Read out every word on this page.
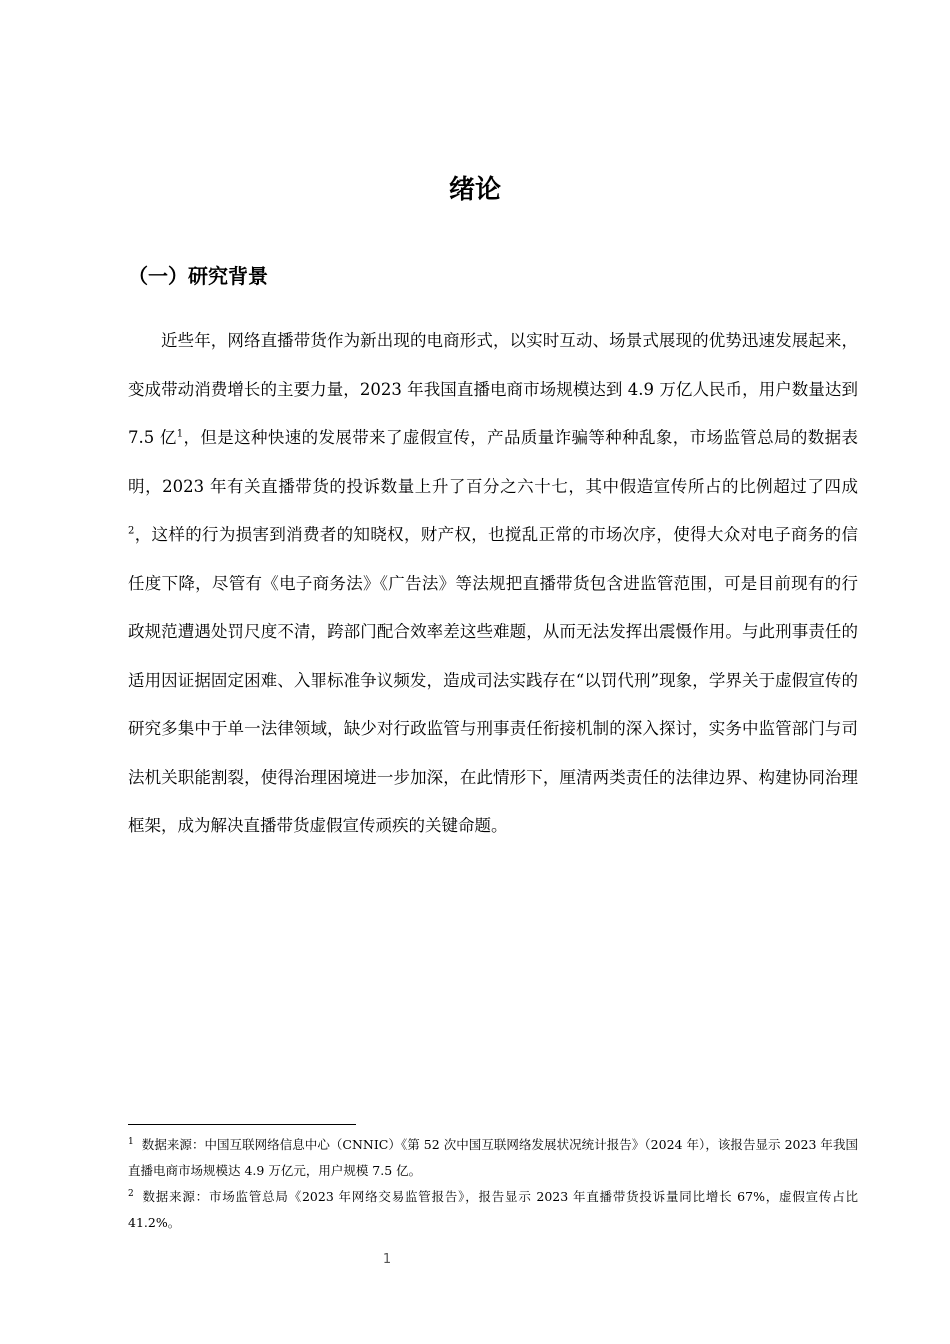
绪论
（一）研究背景

近些年，网络直播带货作为新出现的电商形式，以实时互动、场景式展现的优势迅速发展起来，变成带动消费增长的主要力量，2023 年我国直播电商市场规模达到 4.9 万亿人民币，用户数量达到 7.5 亿$^1$，但是这种快速的发展带来了虚假宣传，产品质量诈骗等种种乱象，市场监管总局的数据表明，2023 年有关直播带货的投诉数量上升了百分之六十七，其中假造宣传所占的比例超过了四成$^2$，这样的行为损害到消费者的知晓权，财产权，也搅乱正常的市场次序，使得大众对电子商务的信任度下降，尽管有《电子商务法》《广告法》等法规把直播带货包含进监管范围，可是目前现有的行政规范遭遇处罚尺度不清，跨部门配合效率差这些难题，从而无法发挥出震慑作用。与此刑事责任的适用因证据固定困难、入罪标准争议频发，造成司法实践存在“以罚代刑”现象，学界关于虚假宣传的研究多集中于单一法律领域，缺少对行政监管与刑事责任衔接机制的深入探讨，实务中监管部门与司法机关职能割裂，使得治理困境进一步加深，在此情形下，厘清两类责任的法律边界、构建协同治理框架，成为解决直播带货虚假宣传顽疾的关键命题。

$^1$ 数据来源：中国互联网络信息中心（CNNIC）《第 52 次中国互联网络发展状况统计报告》（2024 年），该报告显示 2023 年我国直播电商市场规模达 4.9 万亿元，用户规模 7.5 亿。

$^2$ 数据来源：市场监管总局《2023 年网络交易监管报告》，报告显示 2023 年直播带货投诉量同比增长 67%，虚假宣传占比 41.2%。

1
